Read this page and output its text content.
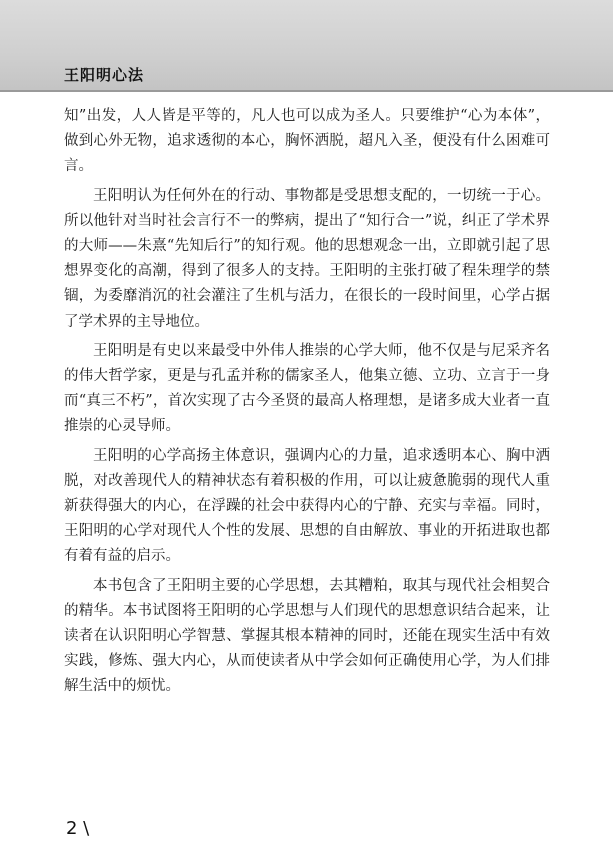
王阳明心法

知”出发，人人皆是平等的，凡人也可以成为圣人。只要维护“心为本体”，做到心外无物，追求透彻的本心，胸怀洒脱，超凡入圣，便没有什么困难可言。

王阳明认为任何外在的行动、事物都是受思想支配的，一切统一于心。所以他针对当时社会言行不一的弊病，提出了“知行合一”说，纠正了学术界的大师——朱熹“先知后行”的知行观。他的思想观念一出，立即就引起了思想界变化的高潮，得到了很多人的支持。王阳明的主张打破了程朱理学的禁锢，为委靡消沉的社会灌注了生机与活力，在很长的一段时间里，心学占据了学术界的主导地位。

王阳明是有史以来最受中外伟人推崇的心学大师，他不仅是与尼采齐名的伟大哲学家，更是与孔孟并称的儒家圣人，他集立德、立功、立言于一身而“真三不朽”，首次实现了古今圣贤的最高人格理想，是诸多成大业者一直推崇的心灵导师。

王阳明的心学高扬主体意识，强调内心的力量，追求透明本心、胸中洒脱，对改善现代人的精神状态有着积极的作用，可以让疲惫脆弱的现代人重新获得强大的内心，在浮躁的社会中获得内心的宁静、充实与幸福。同时，王阳明的心学对现代人个性的发展、思想的自由解放、事业的开拓进取也都有着有益的启示。

本书包含了王阳明主要的心学思想，去其糟粕，取其与现代社会相契合的精华。本书试图将王阳明的心学思想与人们现代的思想意识结合起来，让读者在认识阳明心学智慧、掌握其根本精神的同时，还能在现实生活中有效实践，修炼、强大内心，从而使读者从中学会如何正确使用心学，为人们排解生活中的烦忧。

2 \
